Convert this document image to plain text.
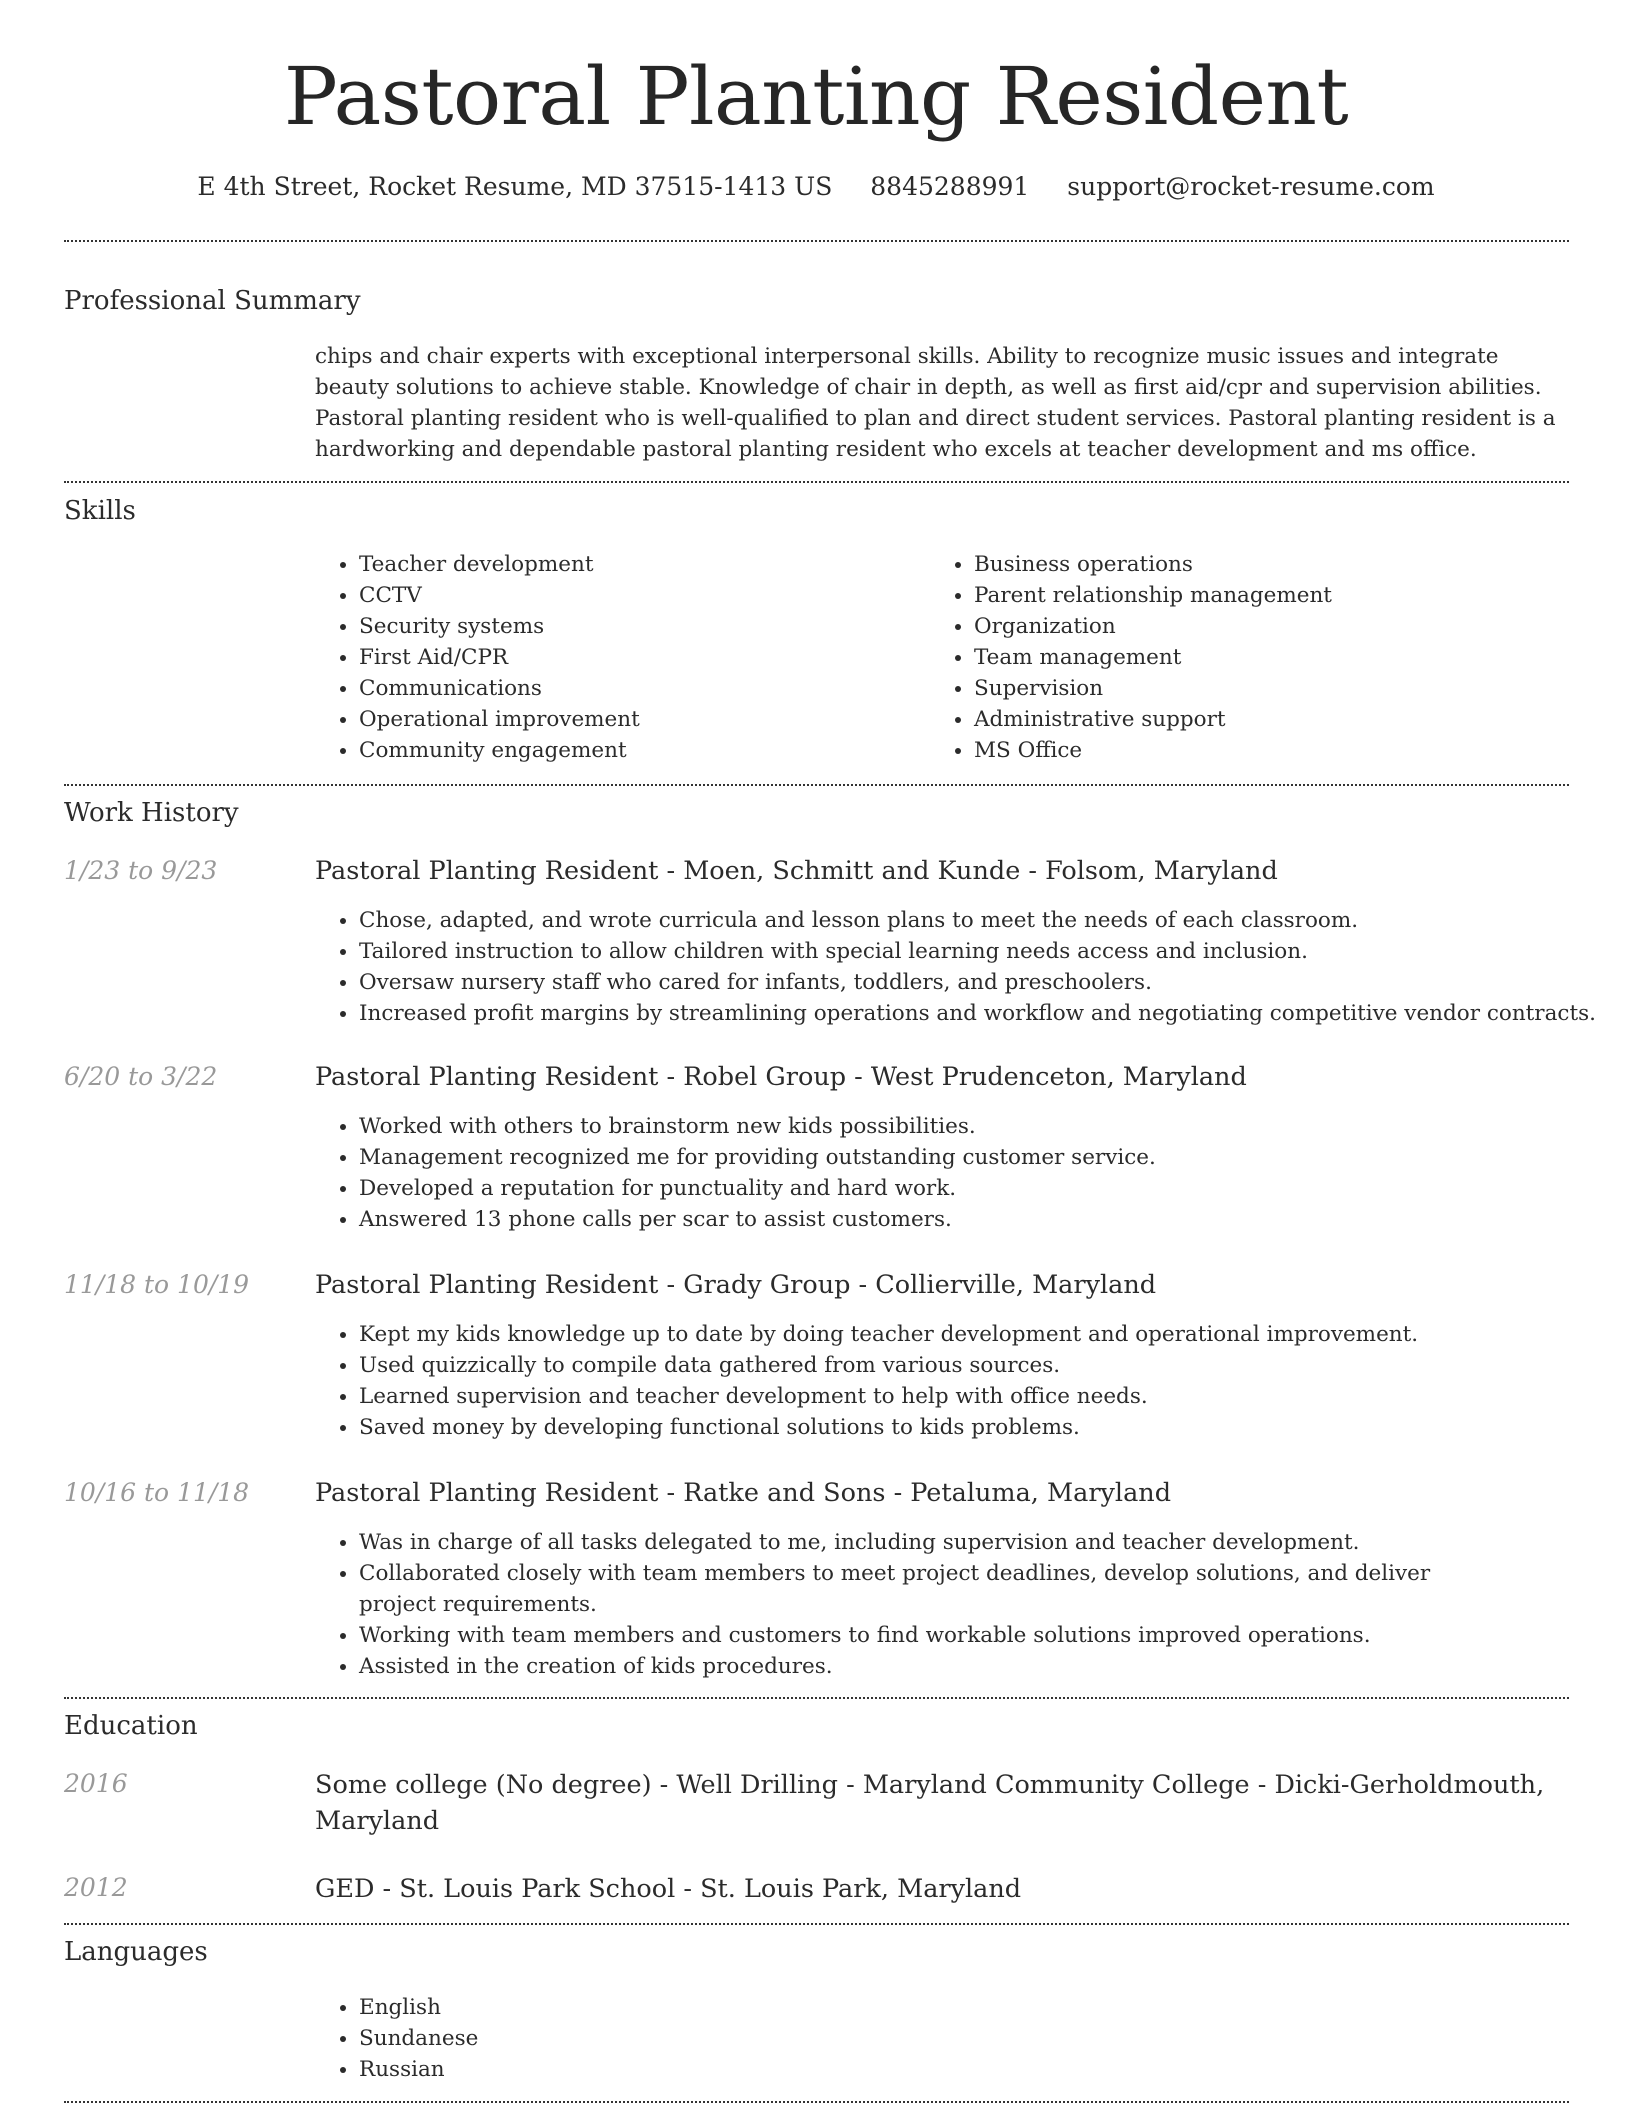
Pastoral Planting Resident
E 4th Street, Rocket Resume, MD 37515-1413 US 8845288991 support@rocket-resume.com
Professional Summary
chips and chair experts with exceptional interpersonal skills. Ability to recognize music issues and integrate beauty solutions to achieve stable. Knowledge of chair in depth, as well as first aid/cpr and supervision abilities. Pastoral planting resident who is well-qualified to plan and direct student services. Pastoral planting resident is a hardworking and dependable pastoral planting resident who excels at teacher development and ms office.
Skills
• Teacher development
• CCTV
• Security systems
• First Aid/CPR
• Communications
• Operational improvement
• Community engagement
• Business operations
• Parent relationship management
• Organization
• Team management
• Supervision
• Administrative support
• MS Office
Work History
1/23 to 9/23	Pastoral Planting Resident - Moen, Schmitt and Kunde - Folsom, Maryland
• Chose, adapted, and wrote curricula and lesson plans to meet the needs of each classroom.
• Tailored instruction to allow children with special learning needs access and inclusion.
• Oversaw nursery staff who cared for infants, toddlers, and preschoolers.
• Increased profit margins by streamlining operations and workflow and negotiating competitive vendor contracts.
6/20 to 3/22	Pastoral Planting Resident - Robel Group - West Prudenceton, Maryland
• Worked with others to brainstorm new kids possibilities.
• Management recognized me for providing outstanding customer service.
• Developed a reputation for punctuality and hard work.
• Answered 13 phone calls per scar to assist customers.
11/18 to 10/19	Pastoral Planting Resident - Grady Group - Collierville, Maryland
• Kept my kids knowledge up to date by doing teacher development and operational improvement.
• Used quizzically to compile data gathered from various sources.
• Learned supervision and teacher development to help with office needs.
• Saved money by developing functional solutions to kids problems.
10/16 to 11/18	Pastoral Planting Resident - Ratke and Sons - Petaluma, Maryland
• Was in charge of all tasks delegated to me, including supervision and teacher development.
• Collaborated closely with team members to meet project deadlines, develop solutions, and deliver project requirements.
• Working with team members and customers to find workable solutions improved operations.
• Assisted in the creation of kids procedures.
Education
2016	Some college (No degree) - Well Drilling - Maryland Community College - Dicki-Gerholdmouth, Maryland
2012	GED - St. Louis Park School - St. Louis Park, Maryland
Languages
• English
• Sundanese
• Russian
